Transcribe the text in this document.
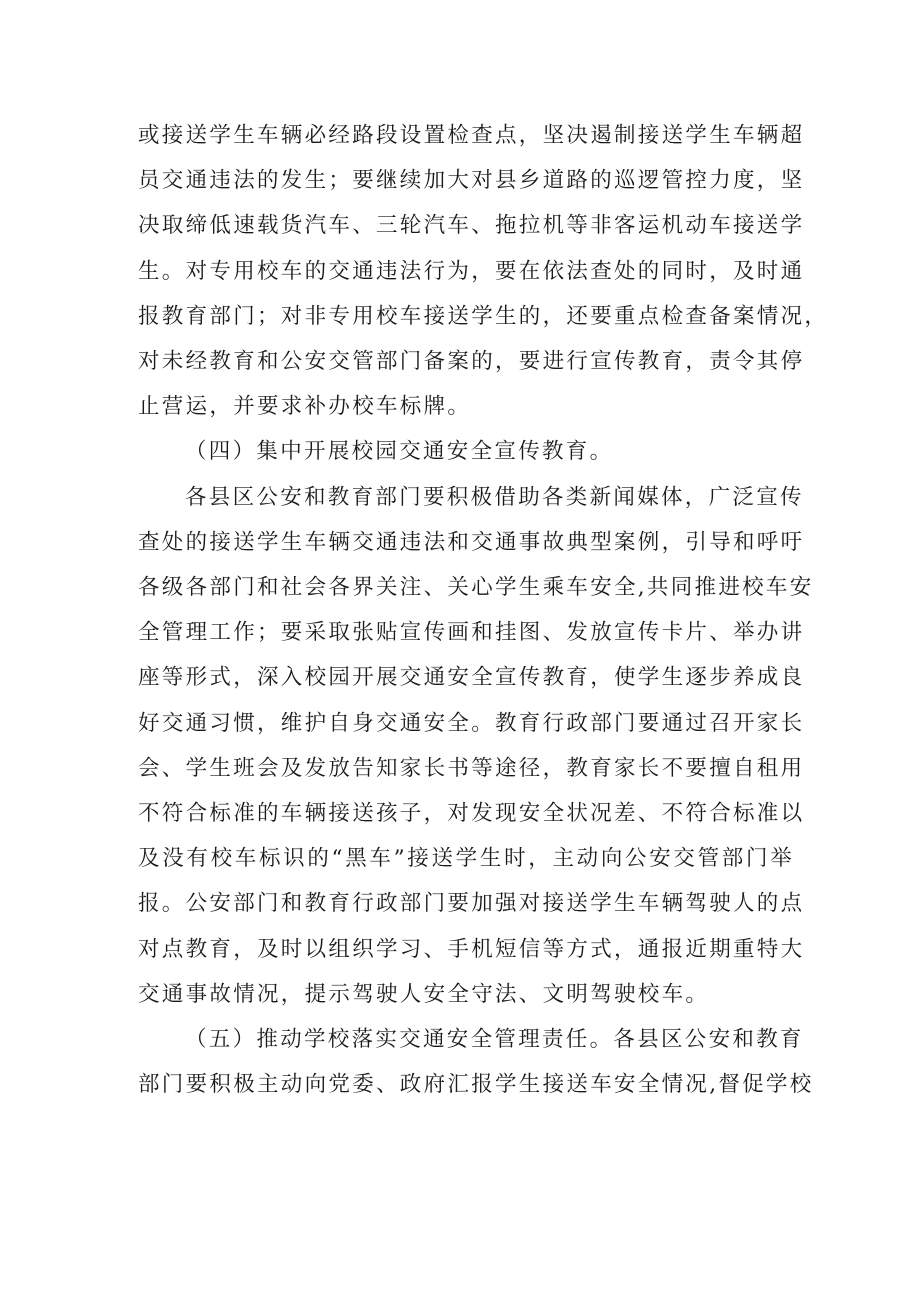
或接送学生车辆必经路段设置检查点，坚决遏制接送学生车辆超
员交通违法的发生；要继续加大对县乡道路的巡逻管控力度，坚
决取缔低速载货汽车、三轮汽车、拖拉机等非客运机动车接送学
生。对专用校车的交通违法行为，要在依法查处的同时，及时通
报教育部门；对非专用校车接送学生的，还要重点检查备案情况，
对未经教育和公安交管部门备案的，要进行宣传教育，责令其停
止营运，并要求补办校车标牌。

（四）集中开展校园交通安全宣传教育。

各县区公安和教育部门要积极借助各类新闻媒体，广泛宣传
查处的接送学生车辆交通违法和交通事故典型案例，引导和呼吁
各级各部门和社会各界关注、关心学生乘车安全,共同推进校车安
全管理工作；要采取张贴宣传画和挂图、发放宣传卡片、举办讲
座等形式，深入校园开展交通安全宣传教育，使学生逐步养成良
好交通习惯，维护自身交通安全。教育行政部门要通过召开家长
会、学生班会及发放告知家长书等途径，教育家长不要擅自租用
不符合标准的车辆接送孩子，对发现安全状况差、不符合标准以
及没有校车标识的“黑车”接送学生时，主动向公安交管部门举
报。公安部门和教育行政部门要加强对接送学生车辆驾驶人的点
对点教育，及时以组织学习、手机短信等方式，通报近期重特大
交通事故情况，提示驾驶人安全守法、文明驾驶校车。

（五）推动学校落实交通安全管理责任。各县区公安和教育
部门要积极主动向党委、政府汇报学生接送车安全情况,督促学校
